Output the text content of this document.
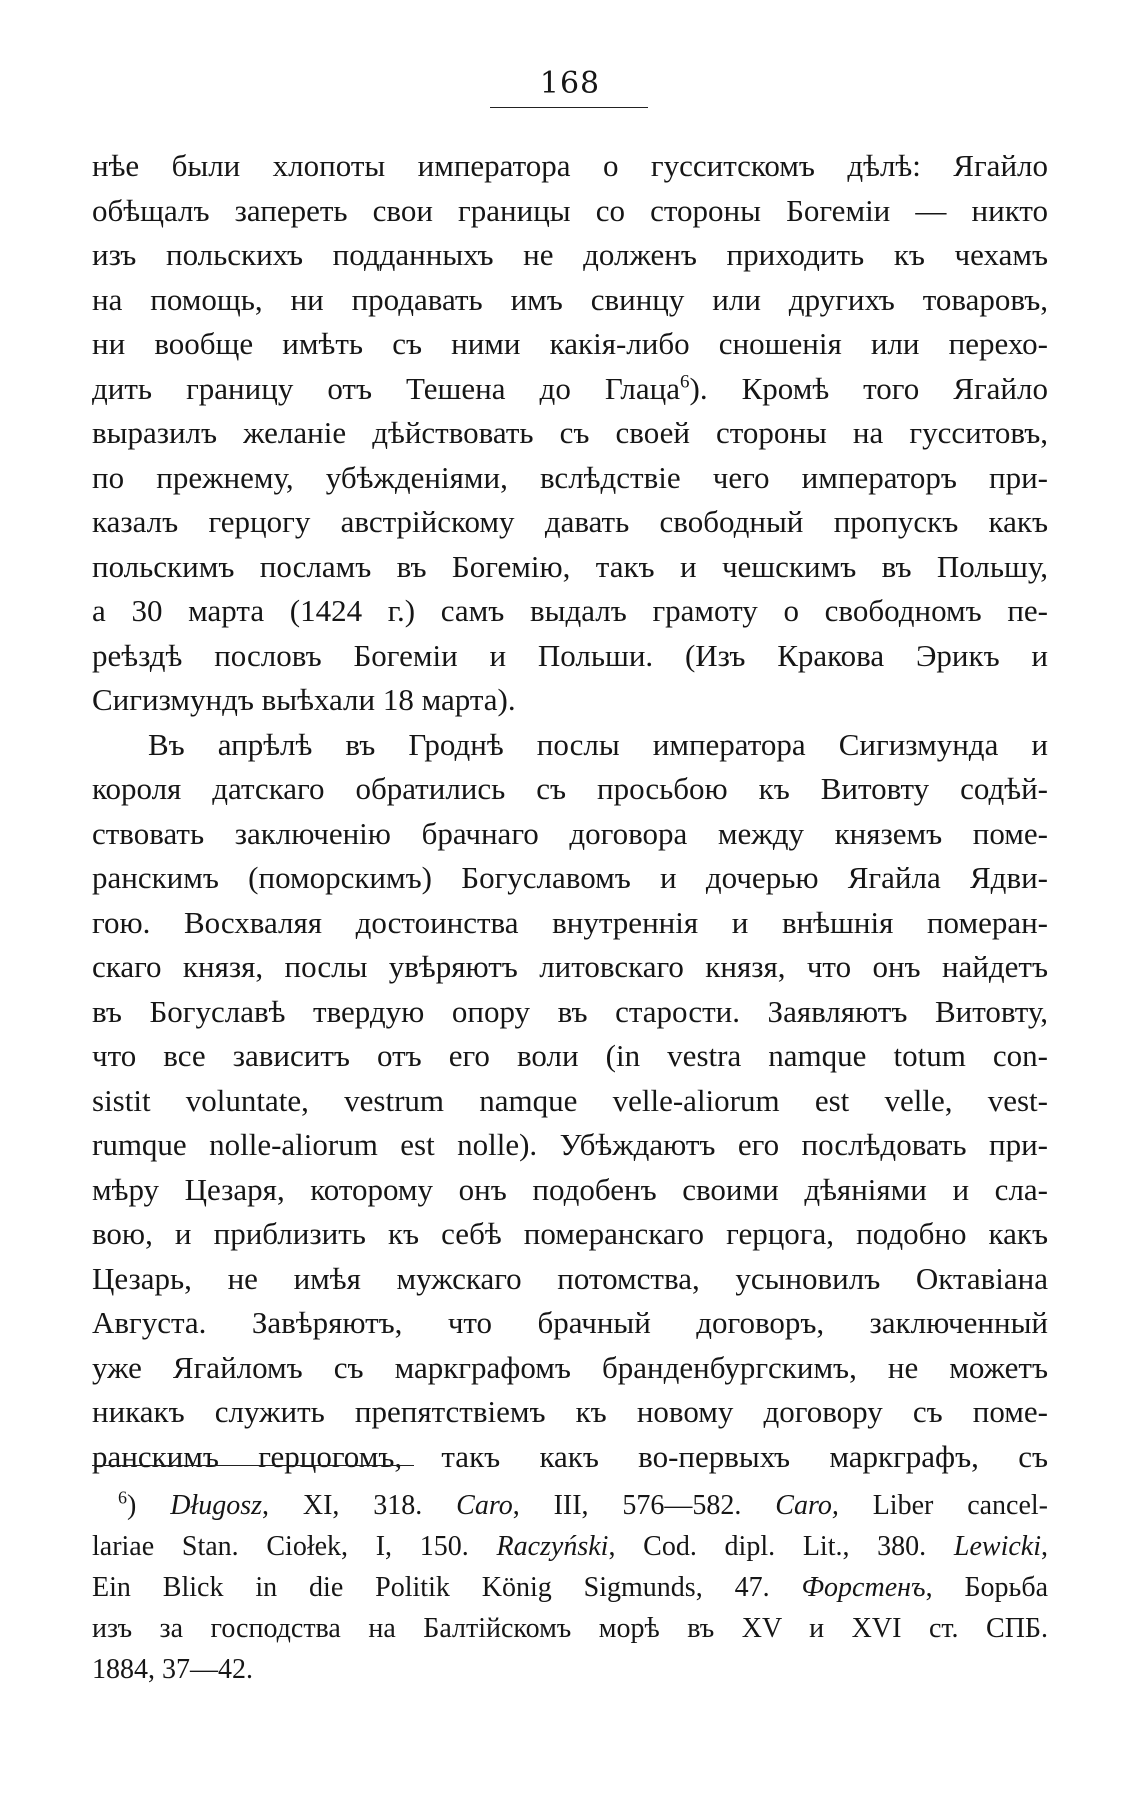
168
нѣе были хлопоты императора о гусситскомъ дѣлѣ: Ягайло
обѣщалъ запереть свои границы со стороны Богеміи — никто
изъ польскихъ подданныхъ не долженъ приходить къ чехамъ
на помощь, ни продавать имъ свинцу или другихъ товаровъ,
ни вообще имѣть съ ними какія-либо сношенія или перехо-
дить границу отъ Тешена до Глаца$^6$). Кромѣ того Ягайло
выразилъ желаніе дѣйствовать съ своей стороны на гусситовъ,
по прежнему, убѣжденіями, вслѣдствіе чего императоръ при-
казалъ герцогу австрійскому давать свободный пропускъ какъ
польскимъ посламъ въ Богемію, такъ и чешскимъ въ Польшу,
а 30 марта (1424 г.) самъ выдалъ грамоту о свободномъ пе-
реѣздѣ пословъ Богеміи и Польши. (Изъ Кракова Эрикъ и
Сигизмундъ выѣхали 18 марта).
Въ апрѣлѣ въ Гроднѣ послы императора Сигизмунда и
короля датскаго обратились съ просьбою къ Витовту содѣй-
ствовать заключенію брачнаго договора между княземъ поме-
ранскимъ (поморскимъ) Богуславомъ и дочерью Ягайла Ядви-
гою. Восхваляя достоинства внутреннія и внѣшнія померан-
скаго князя, послы увѣряютъ литовскаго князя, что онъ найдетъ
въ Богуславѣ твердую опору въ старости. Заявляютъ Витовту,
что все зависитъ отъ его воли (in vestra namque totum con-
sistit voluntate, vestrum namque velle-aliorum est velle, vest-
rumque nolle-aliorum est nolle). Убѣждаютъ его послѣдовать при-
мѣру Цезаря, которому онъ подобенъ своими дѣяніями и сла-
вою, и приблизить къ себѣ померанскаго герцога, подобно какъ
Цезарь, не имѣя мужскаго потомства, усыновилъ Октавіана
Августа. Завѣряютъ, что брачный договоръ, заключенный
уже Ягайломъ съ маркграфомъ бранденбургскимъ, не можетъ
никакъ служить препятствіемъ къ новому договору съ поме-
ранскимъ герцогомъ, такъ какъ во-первыхъ маркграфъ, съ
$^6$) Długosz, XI, 318. Caro, III, 576—582. Caro, Liber cancel-
lariae Stan. Ciołek, I, 150. Raczyński, Cod. dipl. Lit., 380. Lewicki,
Ein Blick in die Politik König Sigmunds, 47. Форстенъ, Борьба
изъ за господства на Балтійскомъ морѣ въ XV и XVI ст. СПБ.
1884, 37—42.
